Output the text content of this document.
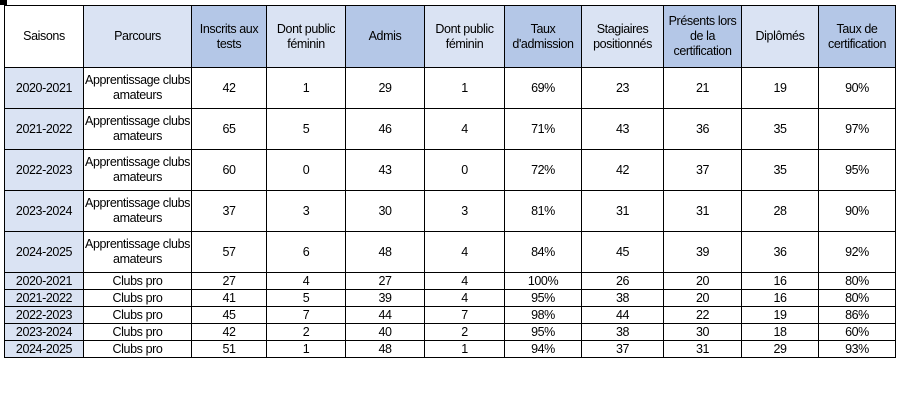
Saisons	Parcours	Inscrits aux tests	Dont public féminin	Admis	Dont public féminin	Taux d'admission	Stagiaires positionnés	Présents lors de la certification	Diplômés	Taux de certification
2020-2021	Apprentissage clubs amateurs	42	1	29	1	69%	23	21	19	90%
2021-2022	Apprentissage clubs amateurs	65	5	46	4	71%	43	36	35	97%
2022-2023	Apprentissage clubs amateurs	60	0	43	0	72%	42	37	35	95%
2023-2024	Apprentissage clubs amateurs	37	3	30	3	81%	31	31	28	90%
2024-2025	Apprentissage clubs amateurs	57	6	48	4	84%	45	39	36	92%
2020-2021	Clubs pro	27	4	27	4	100%	26	20	16	80%
2021-2022	Clubs pro	41	5	39	4	95%	38	20	16	80%
2022-2023	Clubs pro	45	7	44	7	98%	44	22	19	86%
2023-2024	Clubs pro	42	2	40	2	95%	38	30	18	60%
2024-2025	Clubs pro	51	1	48	1	94%	37	31	29	93%
